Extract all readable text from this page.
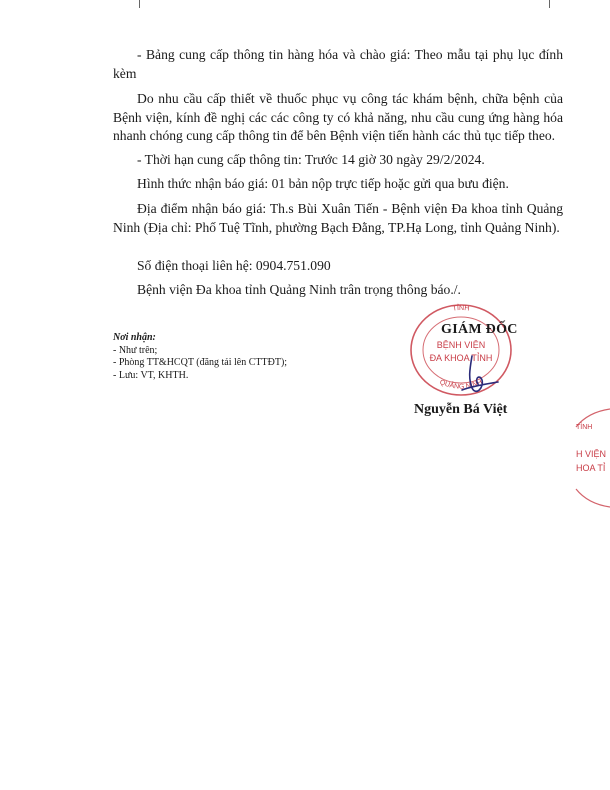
- Bảng cung cấp thông tin hàng hóa và chào giá: Theo mẫu tại phụ lục đính kèm

Do nhu cầu cấp thiết về thuốc phục vụ công tác khám bệnh, chữa bệnh của Bệnh viện, kính đề nghị các các công ty có khả năng, nhu cầu cung ứng hàng hóa nhanh chóng cung cấp thông tin để bên Bệnh viện tiến hành các thủ tục tiếp theo.

- Thời hạn cung cấp thông tin: Trước 14 giờ 30 ngày 29/2/2024.

Hình thức nhận báo giá: 01 bản nộp trực tiếp hoặc gửi qua bưu điện.

Địa điểm nhận báo giá: Th.s Bùi Xuân Tiến - Bệnh viện Đa khoa tỉnh Quảng Ninh (Địa chỉ: Phố Tuệ Tĩnh, phường Bạch Đằng, TP.Hạ Long, tỉnh Quảng Ninh).

Số điện thoại liên hệ: 0904.751.090

Bệnh viện Đa khoa tỉnh Quảng Ninh trân trọng thông báo./.

Nơi nhận:
- Như trên;
- Phòng TT&HCQT (đăng tải lên CTTĐT);
- Lưu: VT, KHTH.
TỈNH
QUẢNG NINH
BỆNH VIỆN
ĐA KHOA TỈNH
GIÁM ĐỐC
Nguyễn Bá Việt
TỈNH
H VIỆN
HOA TỈ
